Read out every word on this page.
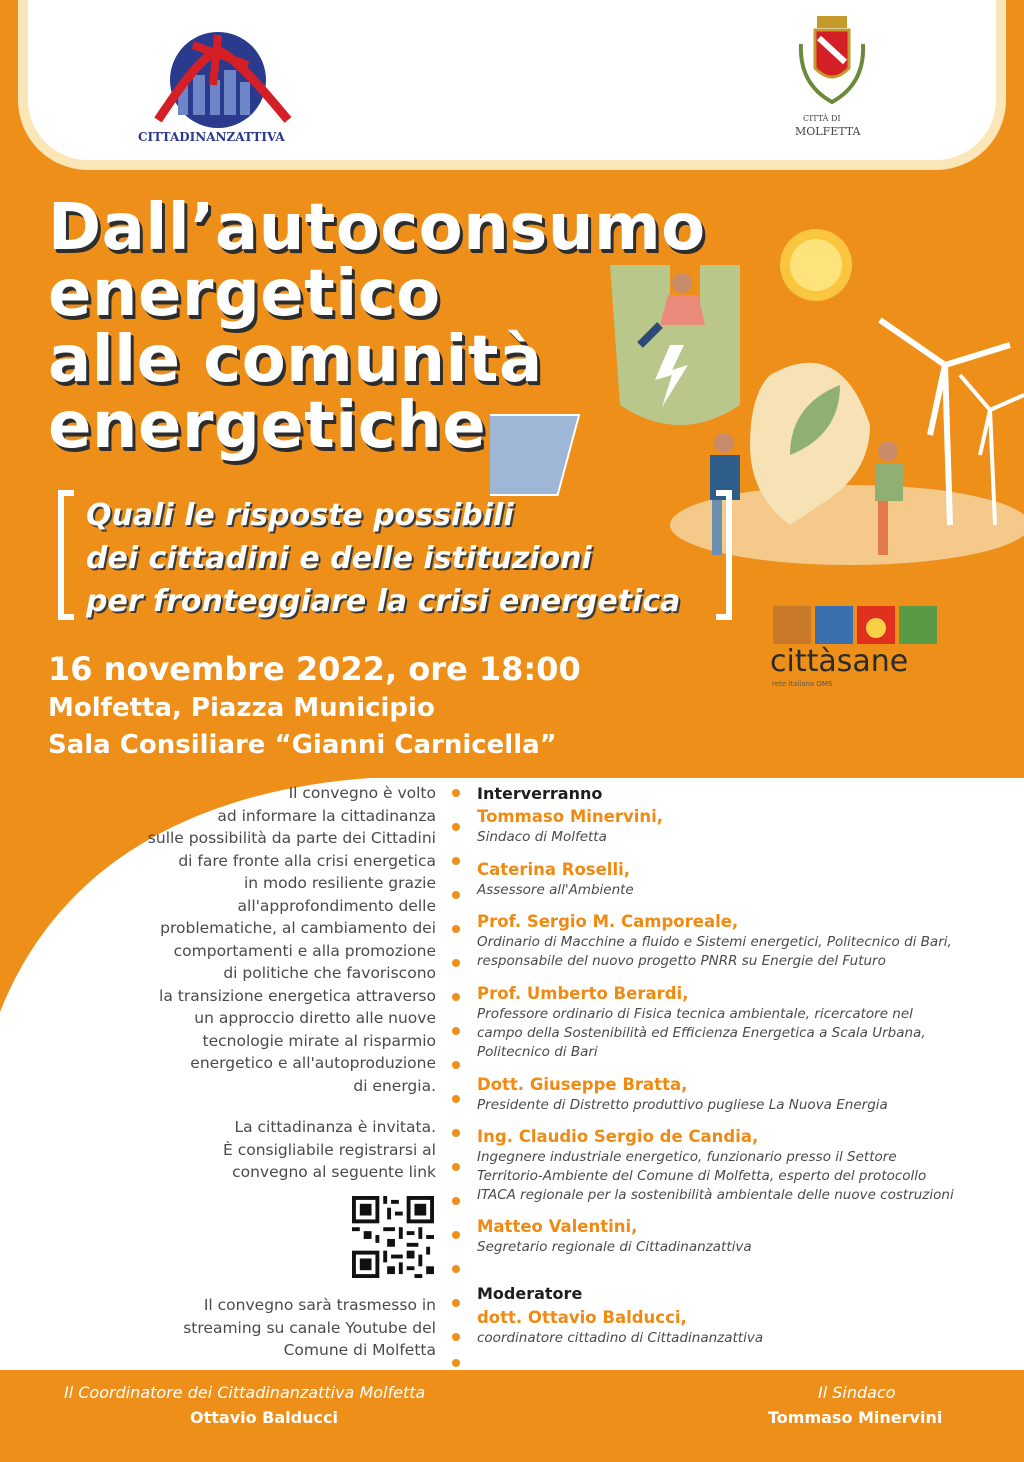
CITTADINANZATTIVA
CITTÀ DI
MOLFETTA
Dall’autoconsumo
energetico
alle comunità
energetiche
Quali le risposte possibili
dei cittadini e delle istituzioni
per fronteggiare la crisi energetica
16 novembre 2022, ore 18:00
Molfetta, Piazza Municipio
Sala Consiliare “Gianni Carnicella”
cittàsane
rete italiana OMS
Il convegno è volto
ad informare la cittadinanza
sulle possibilità da parte dei Cittadini
di fare fronte alla crisi energetica
in modo resiliente grazie
all'approfondimento delle
problematiche, al cambiamento dei
comportamenti e alla promozione
di politiche che favoriscono
la transizione energetica attraverso
un approccio diretto alle nuove
tecnologie mirate al risparmio
energetico e all'autoproduzione
di energia.
La cittadinanza è invitata.
È consigliabile registrarsi al
convegno al seguente link
Il convegno sarà trasmesso in
streaming su canale Youtube del
Comune di Molfetta
Interverranno
Tommaso Minervini,
Sindaco di Molfetta
Caterina Roselli,
Assessore all'Ambiente
Prof. Sergio M. Camporeale,
Ordinario di Macchine a fluido e Sistemi energetici, Politecnico di Bari,
responsabile del nuovo progetto PNRR su Energie del Futuro
Prof. Umberto Berardi,
Professore ordinario di Fisica tecnica ambientale, ricercatore nel
campo della Sostenibilità ed Efficienza Energetica a Scala Urbana,
Politecnico di Bari
Dott. Giuseppe Bratta,
Presidente di Distretto produttivo pugliese La Nuova Energia
Ing. Claudio Sergio de Candia,
Ingegnere industriale energetico, funzionario presso il Settore
Territorio-Ambiente del Comune di Molfetta, esperto del protocollo
ITACA regionale per la sostenibilità ambientale delle nuove costruzioni
Matteo Valentini,
Segretario regionale di Cittadinanzattiva
Moderatore
dott. Ottavio Balducci,
coordinatore cittadino di Cittadinanzattiva
Il Coordinatore dei Cittadinanzattiva Molfetta
Ottavio Balducci
Il Sindaco
Tommaso Minervini
